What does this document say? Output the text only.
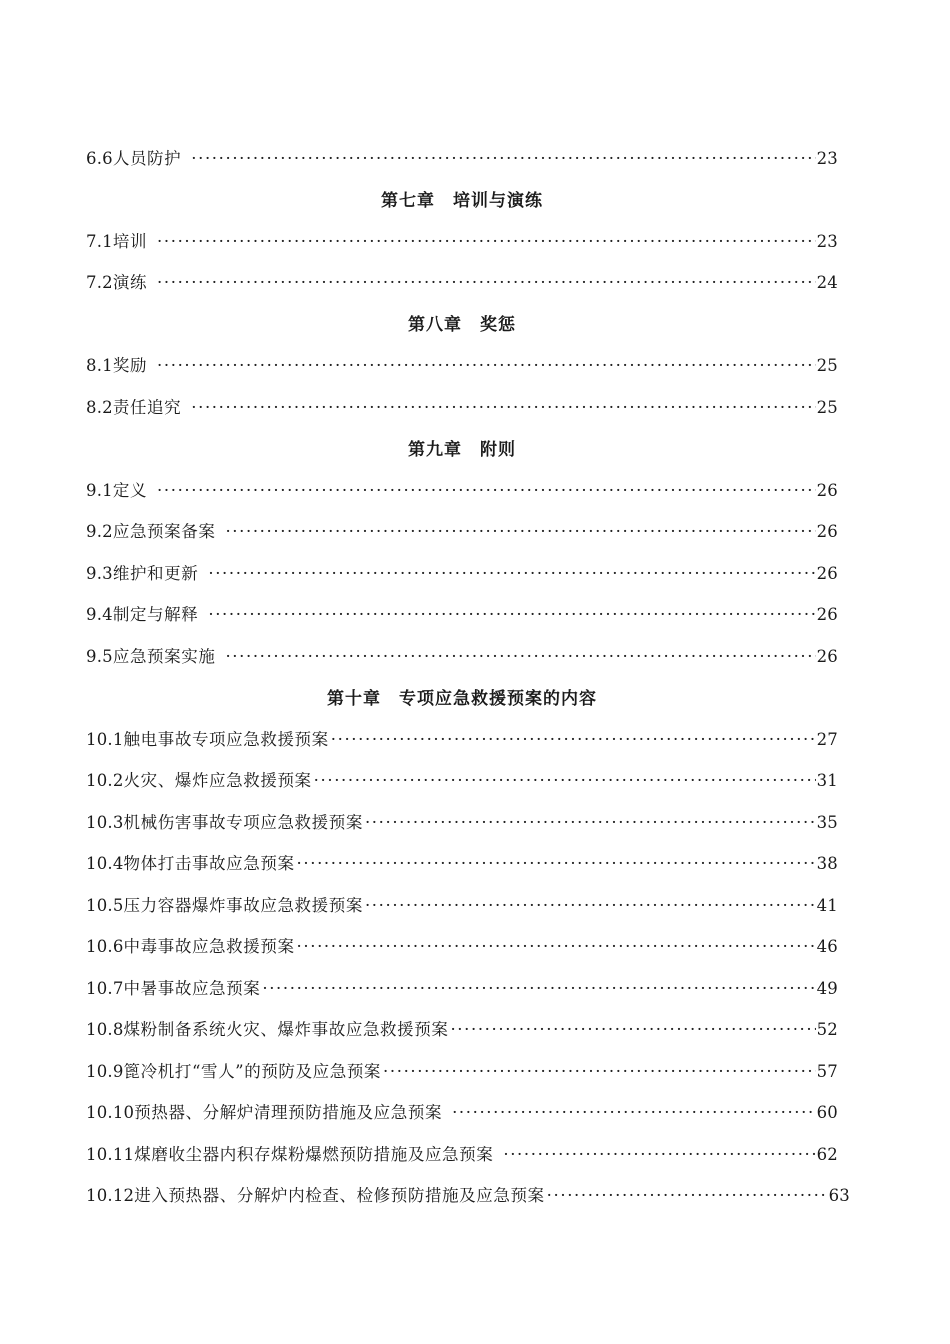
6.6人员防护 ·····	23
第七章　培训与演练
7.1培训 ·····	23
7.2演练 ·····	24
第八章　奖惩
8.1奖励 ·····	25
8.2责任追究 ·····	25
第九章　附则
9.1定义 ·····	26
9.2应急预案备案 ·····	26
9.3维护和更新 ·····	26
9.4制定与解释 ·····	26
9.5应急预案实施 ·····	26
第十章　专项应急救援预案的内容
10.1触电事故专项应急救援预案 ·····	27
10.2火灾、爆炸应急救援预案 ·····	31
10.3机械伤害事故专项应急救援预案 ·····	35
10.4物体打击事故应急预案 ·····	38
10.5压力容器爆炸事故应急救援预案 ·····	41
10.6中毒事故应急救援预案 ·····	46
10.7中暑事故应急预案 ·····	49
10.8煤粉制备系统火灾、爆炸事故应急救援预案 ·····	52
10.9篦冷机打“雪人”的预防及应急预案 ·····	57
10.10预热器、分解炉清理预防措施及应急预案 ·····	60
10.11煤磨收尘器内积存煤粉爆燃预防措施及应急预案 ·····	62
10.12进入预热器、分解炉内检查、检修预防措施及应急预案 ·····	63
